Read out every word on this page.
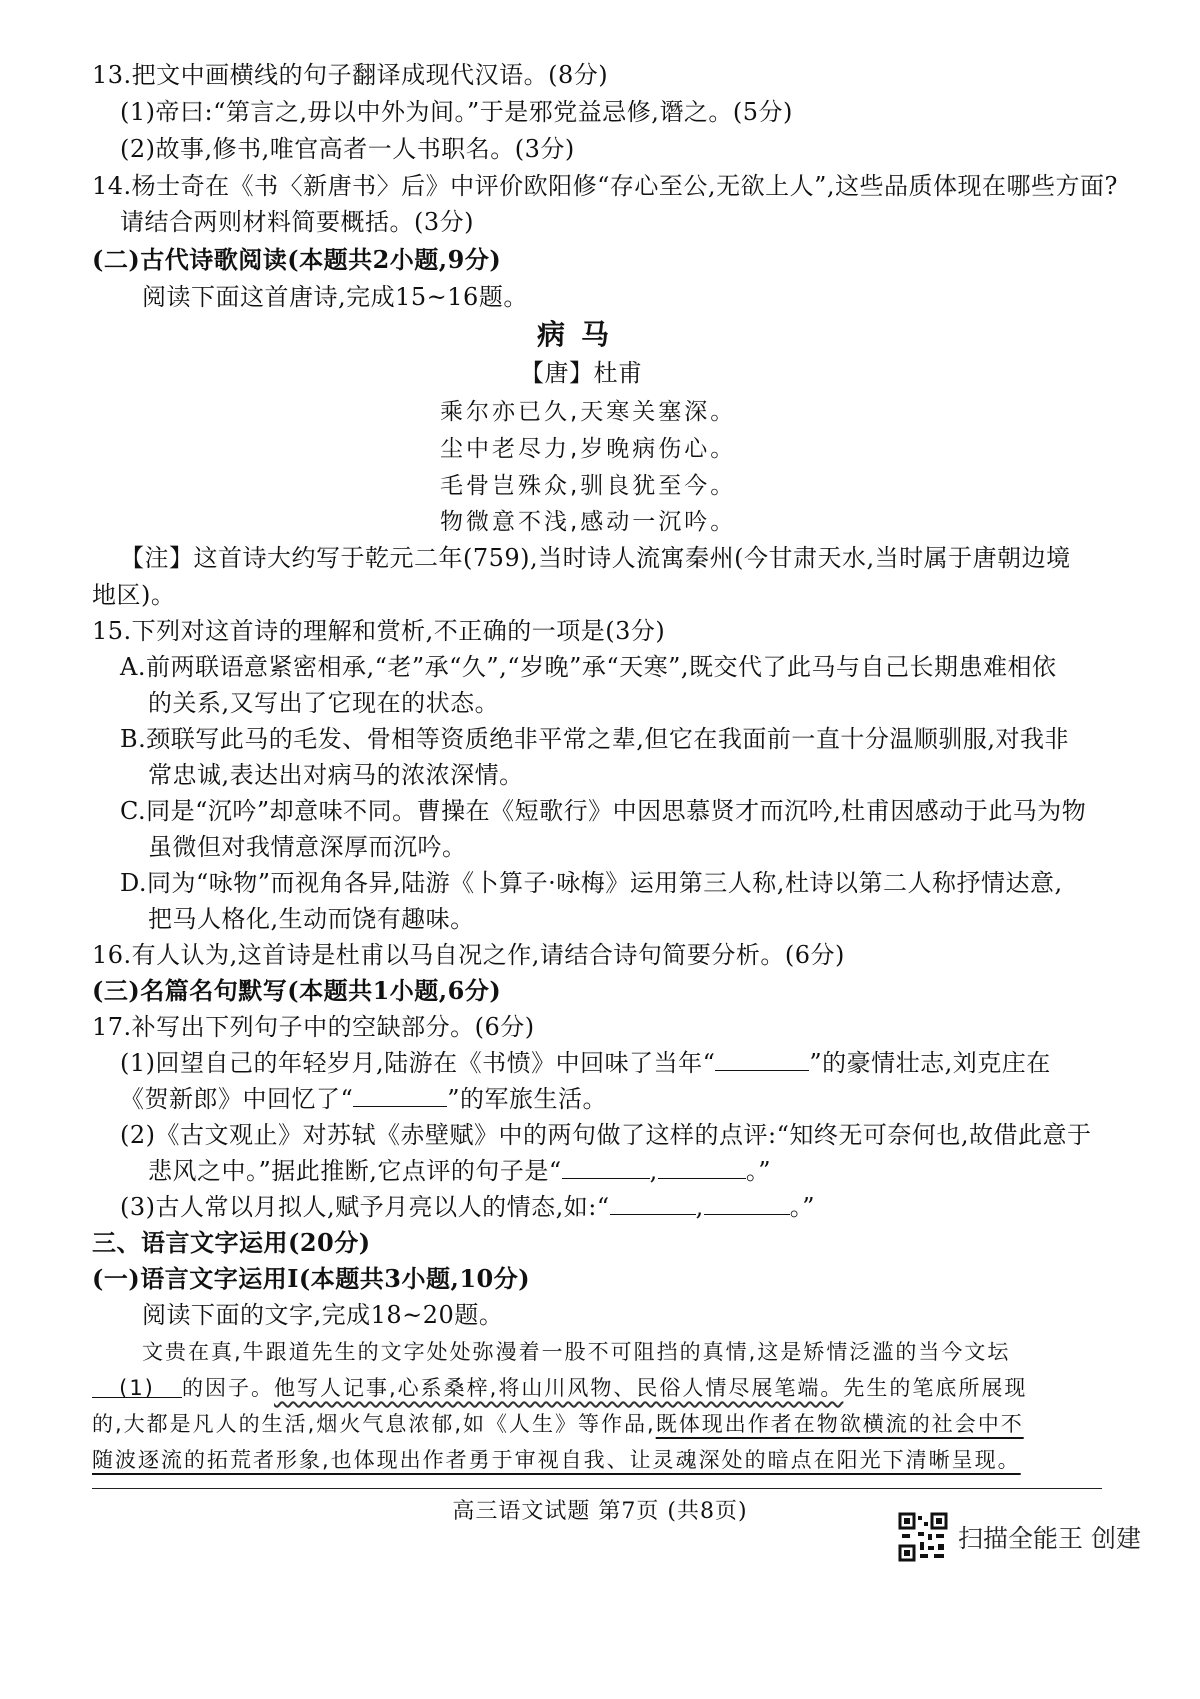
13.把文中画横线的句子翻译成现代汉语。(8分)
(1)帝曰:“第言之,毋以中外为间。”于是邪党益忌修,谮之。(5分)
(2)故事,修书,唯官高者一人书职名。(3分)
14.杨士奇在《书〈新唐书〉后》中评价欧阳修“存心至公,无欲上人”,这些品质体现在哪些方面?
请结合两则材料简要概括。(3分)
(二)古代诗歌阅读(本题共2小题,9分)
阅读下面这首唐诗,完成15~16题。
病马
【唐】杜甫
乘尔亦已久,天寒关塞深。
尘中老尽力,岁晚病伤心。
毛骨岂殊众,驯良犹至今。
物微意不浅,感动一沉吟。
【注】这首诗大约写于乾元二年(759),当时诗人流寓秦州(今甘肃天水,当时属于唐朝边境
地区)。
15.下列对这首诗的理解和赏析,不正确的一项是(3分)
A.前两联语意紧密相承,“老”承“久”,“岁晚”承“天寒”,既交代了此马与自己长期患难相依
的关系,又写出了它现在的状态。
B.颈联写此马的毛发、骨相等资质绝非平常之辈,但它在我面前一直十分温顺驯服,对我非
常忠诚,表达出对病马的浓浓深情。
C.同是“沉吟”却意味不同。曹操在《短歌行》中因思慕贤才而沉吟,杜甫因感动于此马为物
虽微但对我情意深厚而沉吟。
D.同为“咏物”而视角各异,陆游《卜算子·咏梅》运用第三人称,杜诗以第二人称抒情达意,
把马人格化,生动而饶有趣味。
16.有人认为,这首诗是杜甫以马自况之作,请结合诗句简要分析。(6分)
(三)名篇名句默写(本题共1小题,6分)
17.补写出下列句子中的空缺部分。(6分)
(1)回望自己的年轻岁月,陆游在《书愤》中回味了当年“	”的豪情壮志,刘克庄在
《贺新郎》中回忆了“	”的军旅生活。
(2)《古文观止》对苏轼《赤壁赋》中的两句做了这样的点评:“知终无可奈何也,故借此意于
悲风之中。”据此推断,它点评的句子是“	,	。”
(3)古人常以月拟人,赋予月亮以人的情态,如:“	,	。”
三、语言文字运用(20分)
(一)语言文字运用Ⅰ(本题共3小题,10分)
阅读下面的文字,完成18~20题。
文贵在真,牛跟道先生的文字处处弥漫着一股不可阻挡的真情,这是矫情泛滥的当今文坛
(1) 的因子。他写人记事,心系桑梓,将山川风物、民俗人情尽展笔端。先生的笔底所展现
的,大都是凡人的生活,烟火气息浓郁,如《人生》等作品,既体现出作者在物欲横流的社会中不
随波逐流的拓荒者形象,也体现出作者勇于审视自我、让灵魂深处的暗点在阳光下清晰呈现。
高三语文试题 第7页 (共8页)
扫描全能王 创建
